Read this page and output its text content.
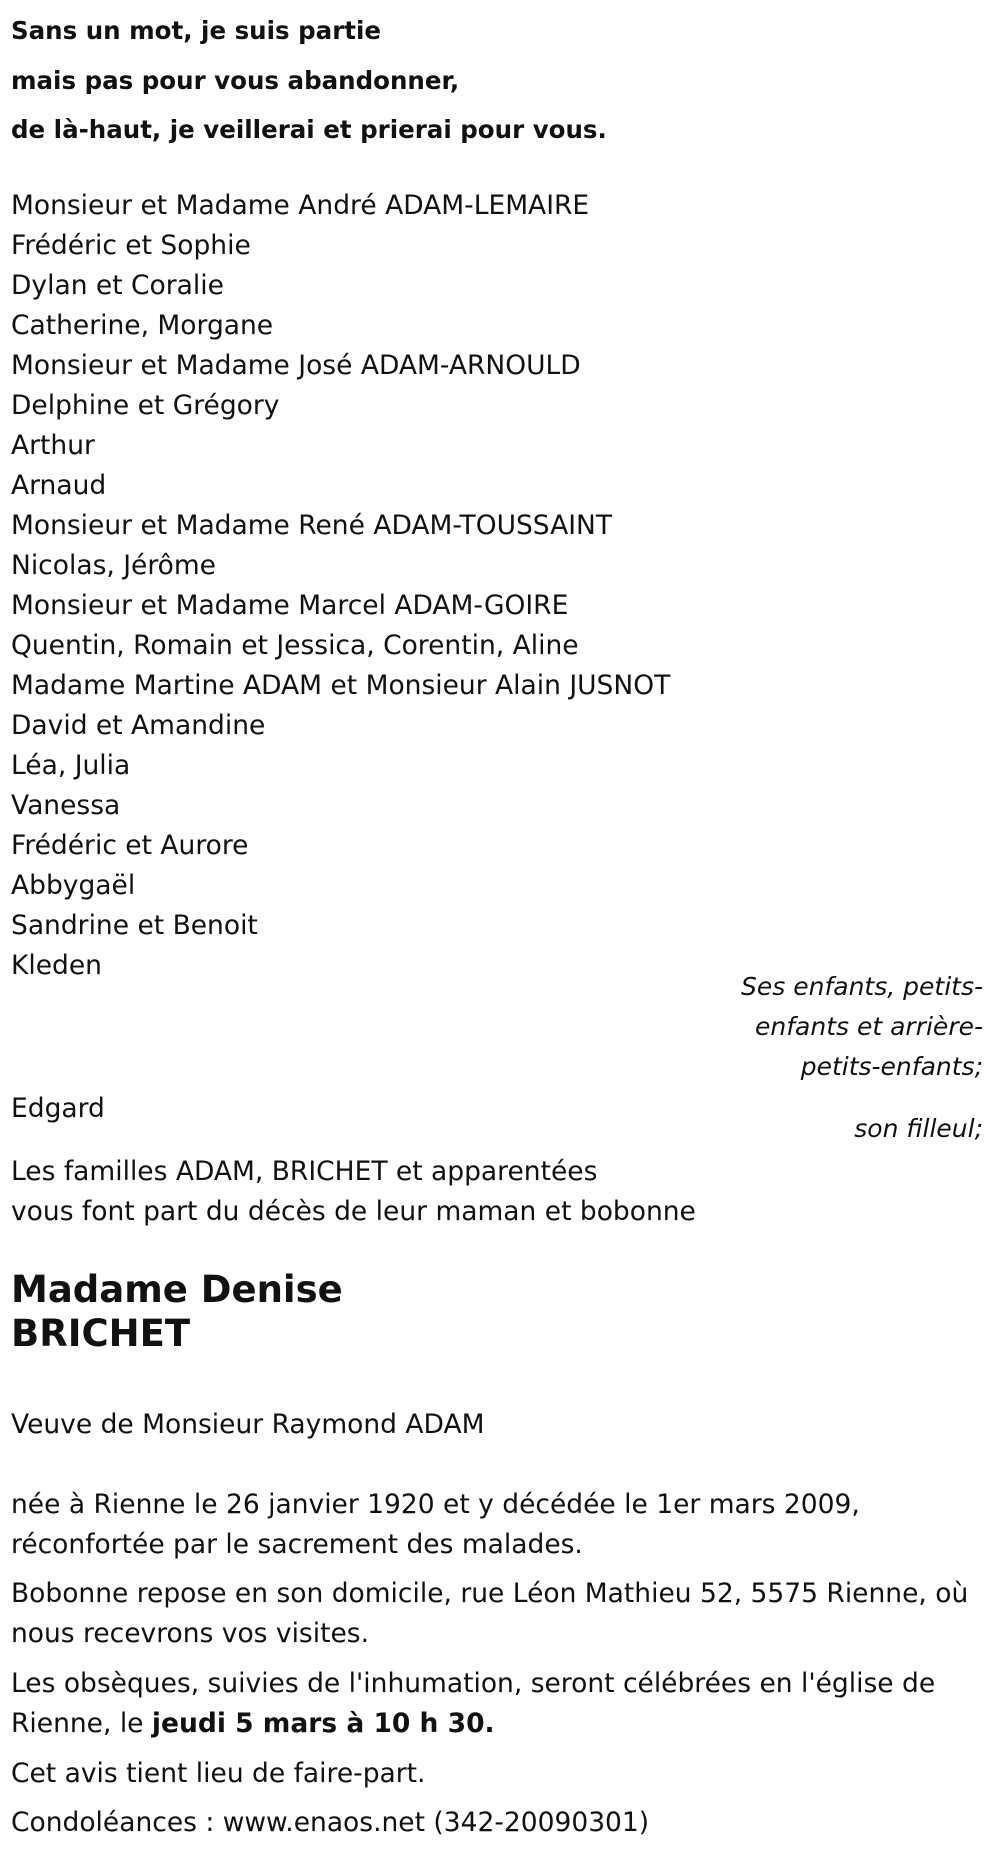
Sans un mot, je suis partie
mais pas pour vous abandonner,
de là-haut, je veillerai et prierai pour vous.
Monsieur et Madame André ADAM-LEMAIRE
Frédéric et Sophie
Dylan et Coralie
Catherine, Morgane
Monsieur et Madame José ADAM-ARNOULD
Delphine et Grégory
Arthur
Arnaud
Monsieur et Madame René ADAM-TOUSSAINT
Nicolas, Jérôme
Monsieur et Madame Marcel ADAM-GOIRE
Quentin, Romain et Jessica, Corentin, Aline
Madame Martine ADAM et Monsieur Alain JUSNOT
David et Amandine
Léa, Julia
Vanessa
Frédéric et Aurore
Abbygaël
Sandrine et Benoit
Kleden
Ses enfants, petits-
enfants et arrière-
petits-enfants;
Edgard
son filleul;
Les familles ADAM, BRICHET et apparentées
vous font part du décès de leur maman et bobonne
Madame Denise
BRICHET
Veuve de Monsieur Raymond ADAM
née à Rienne le 26 janvier 1920 et y décédée le 1er mars 2009,
réconfortée par le sacrement des malades.
Bobonne repose en son domicile, rue Léon Mathieu 52, 5575 Rienne, où
nous recevrons vos visites.
Les obsèques, suivies de l'inhumation, seront célébrées en l'église de
Rienne, le jeudi 5 mars à 10 h 30.
Cet avis tient lieu de faire-part.
Condoléances : www.enaos.net (342-20090301)
